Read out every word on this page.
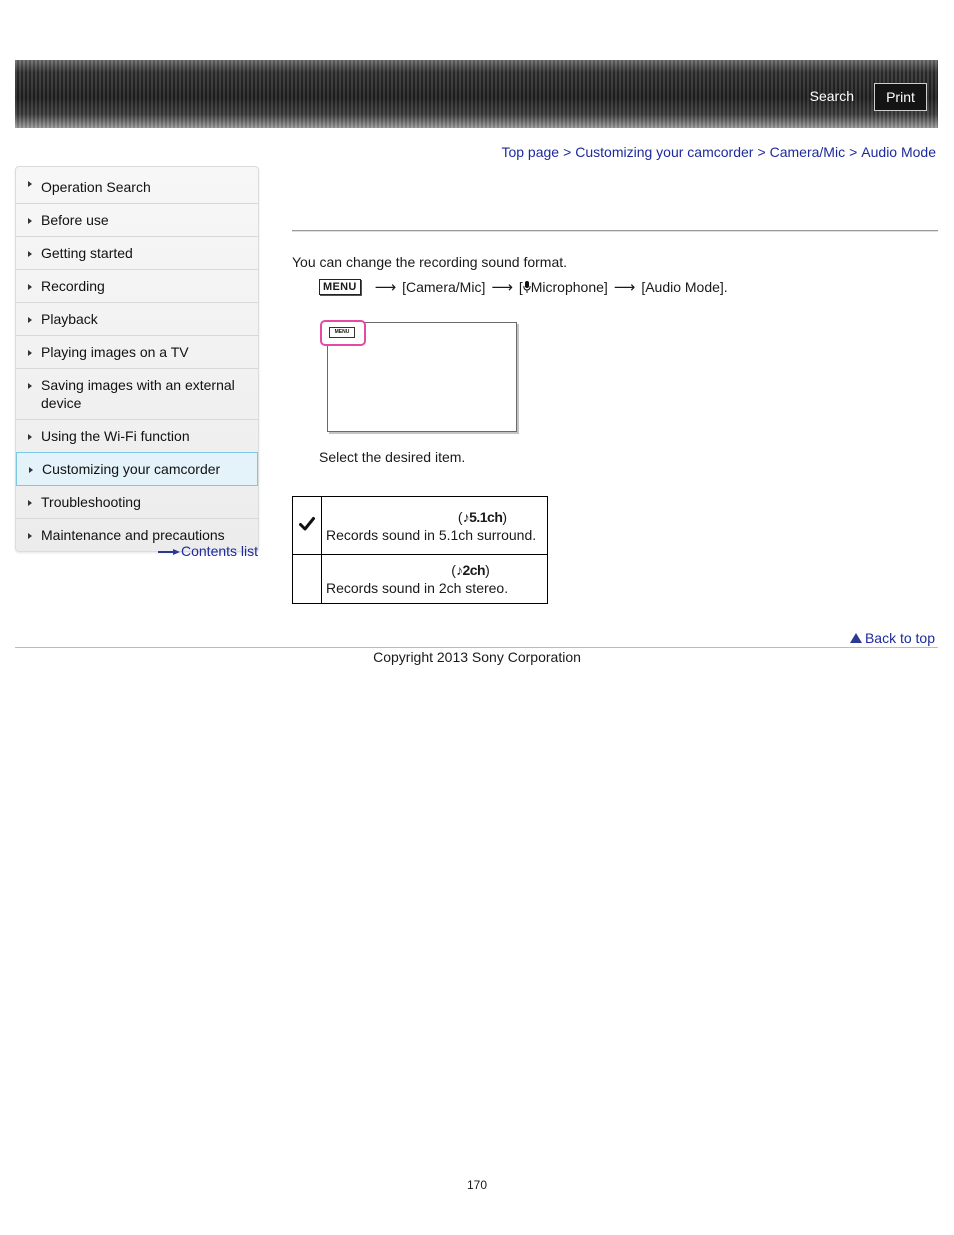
Search	Print
Top page > Customizing your camcorder > Camera/Mic > Audio Mode
Operation Search
Before use
Getting started
Recording
Playback
Playing images on a TV
Saving images with an external device
Using the Wi-Fi function
Customizing your camcorder
Troubleshooting
Maintenance and precautions
Contents list
You can change the recording sound format.
MENU ⟶ [Camera/Mic] ⟶ [ Microphone] ⟶ [Audio Mode].
MENU
Select the desired item.

(♪5.1ch)
Records sound in 5.1ch surround.

	(♪2ch)
Records sound in 2ch stereo.
Back to top
Copyright 2013 Sony Corporation
170
